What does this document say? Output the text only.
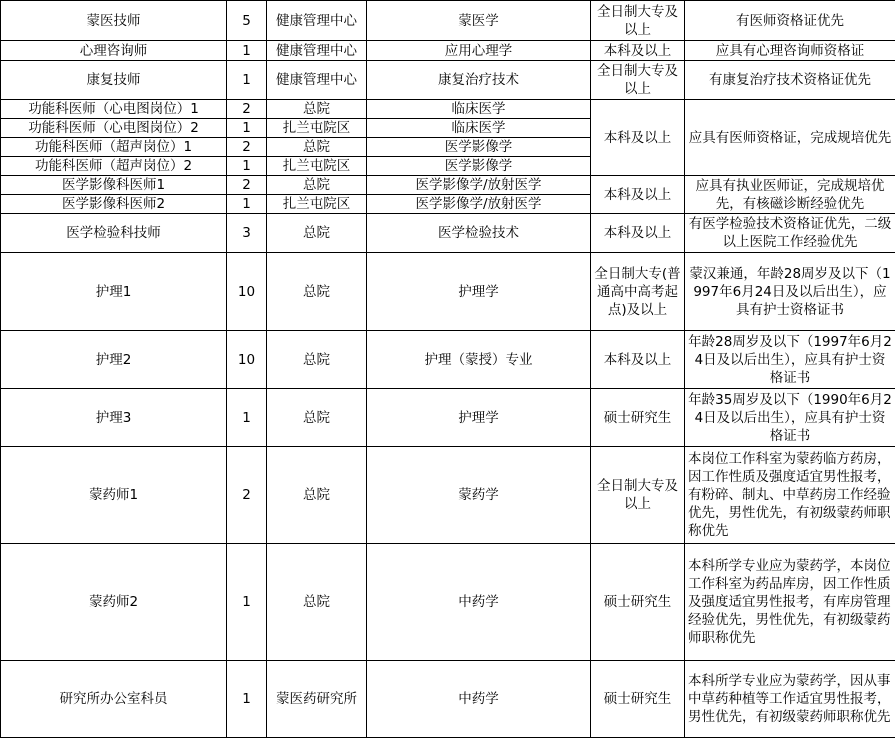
蒙医技师	5	健康管理中心	蒙医学	全日制大专及以上	有医师资格证优先
心理咨询师	1	健康管理中心	应用心理学	本科及以上	应具有心理咨询师资格证
康复技师	1	健康管理中心	康复治疗技术	全日制大专及以上	有康复治疗技术资格证优先
功能科医师（心电图岗位）1	2	总院	临床医学	本科及以上	应具有医师资格证，完成规培优先
功能科医师（心电图岗位）2	1	扎兰屯院区	临床医学		
功能科医师（超声岗位）1	2	总院	医学影像学		
功能科医师（超声岗位）2	1	扎兰屯院区	医学影像学		
医学影像科医师1	2	总院	医学影像学/放射医学	本科及以上	应具有执业医师证，完成规培优先，有核磁诊断经验优先
医学影像科医师2	1	扎兰屯院区	医学影像学/放射医学		
医学检验科技师	3	总院	医学检验技术	本科及以上	有医学检验技术资格证优先，二级以上医院工作经验优先
护理1	10	总院	护理学	全日制大专(普通高中高考起点)及以上	蒙汉兼通，年龄28周岁及以下（1997年6月24日及以后出生），应具有护士资格证书
护理2	10	总院	护理（蒙授）专业	本科及以上	年龄28周岁及以下（1997年6月24日及以后出生），应具有护士资格证书
护理3	1	总院	护理学	硕士研究生	年龄35周岁及以下（1990年6月24日及以后出生），应具有护士资格证书
蒙药师1	2	总院	蒙药学	全日制大专及以上	本岗位工作科室为蒙药临方药房，因工作性质及强度适宜男性报考，有粉碎、制丸、中草药房工作经验优先，男性优先，有初级蒙药师职称优先
蒙药师2	1	总院	中药学	硕士研究生	本科所学专业应为蒙药学，本岗位工作科室为药品库房，因工作性质及强度适宜男性报考，有库房管理经验优先，男性优先，有初级蒙药师职称优先
研究所办公室科员	1	蒙医药研究所	中药学	硕士研究生	本科所学专业应为蒙药学，因从事中草药种植等工作适宜男性报考，男性优先，有初级蒙药师职称优先
